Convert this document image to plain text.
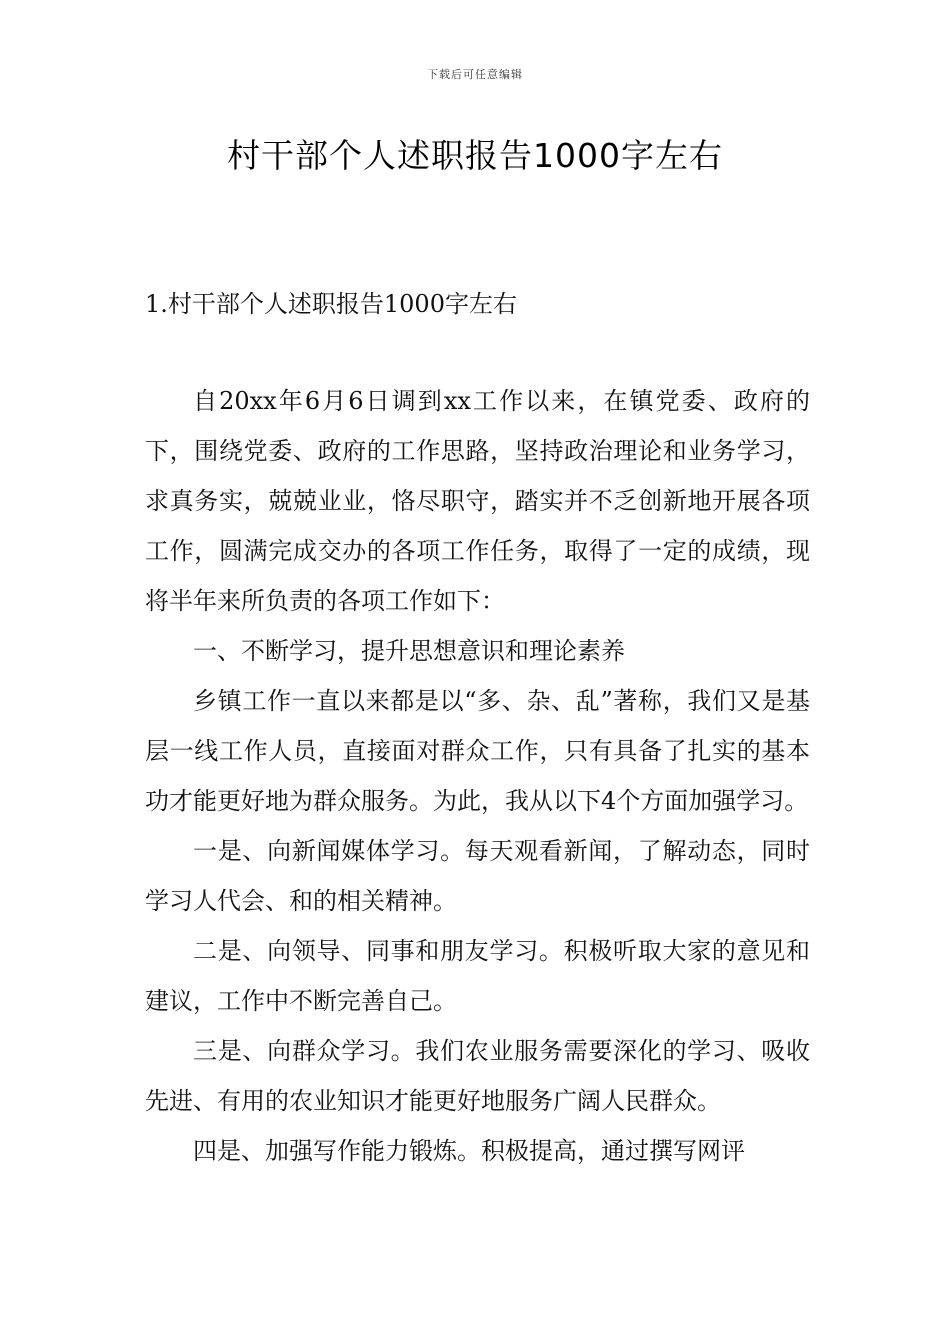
下载后可任意编辑
村干部个人述职报告1000字左右
1.村干部个人述职报告1000字左右

自20xx年6月6日调到xx工作以来，在镇党委、政府的下，围绕党委、政府的工作思路，坚持政治理论和业务学习，求真务实，兢兢业业，恪尽职守，踏实并不乏创新地开展各项工作，圆满完成交办的各项工作任务，取得了一定的成绩，现将半年来所负责的各项工作如下：

一、不断学习，提升思想意识和理论素养

乡镇工作一直以来都是以“多、杂、乱”著称，我们又是基层一线工作人员，直接面对群众工作，只有具备了扎实的基本功才能更好地为群众服务。为此，我从以下4个方面加强学习。

一是、向新闻媒体学习。每天观看新闻，了解动态，同时学习人代会、和的相关精神。

二是、向领导、同事和朋友学习。积极听取大家的意见和建议，工作中不断完善自己。

三是、向群众学习。我们农业服务需要深化的学习、吸收先进、有用的农业知识才能更好地服务广阔人民群众。

四是、加强写作能力锻炼。积极提高，通过撰写网评
